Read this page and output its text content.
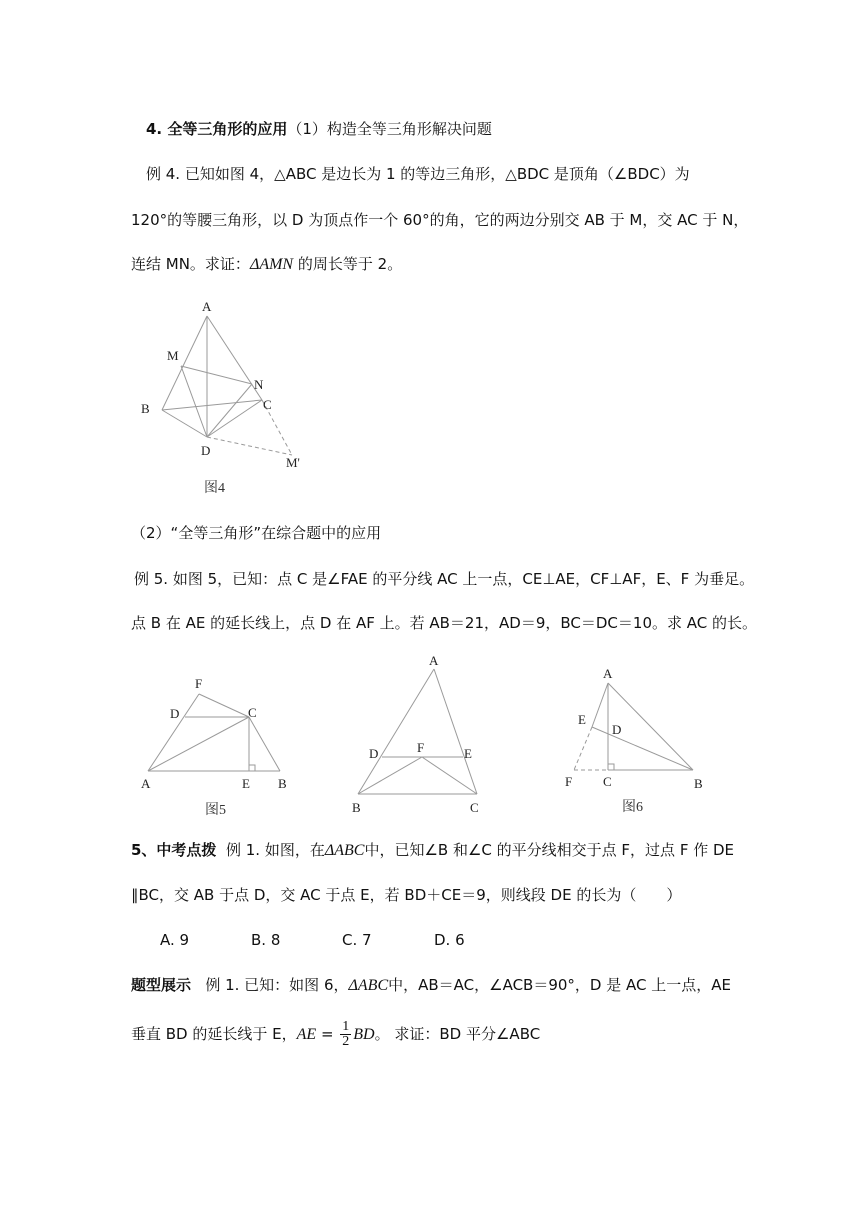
4. 全等三角形的应用（1）构造全等三角形解决问题
例 4. 已知如图 4，△ABC 是边长为 1 的等边三角形，△BDC 是顶角（∠BDC）为
120°的等腰三角形，以 D 为顶点作一个 60°的角，它的两边分别交 AB 于 M，交 AC 于 N，
连结 MN。求证：ΔAMN 的周长等于 2。
A
M
N
B	C
D
M'
图4
（2）“全等三角形”在综合题中的应用
例 5. 如图 5，已知：点 C 是∠FAE 的平分线 AC 上一点，CE⊥AE，CF⊥AF，E、F 为垂足。
点 B 在 AE 的延长线上，点 D 在 AF 上。若 AB＝21，AD＝9，BC＝DC＝10。求 AC 的长。
F
D	C
A	E B
图5
A
D	F	E
B	C
A
E
D
F C	B
图6
5、中考点拨 例 1. 如图，在ΔABC中，已知∠B 和∠C 的平分线相交于点 F，过点 F 作 DE
∥BC，交 AB 于点 D，交 AC 于点 E，若 BD＋CE＝9，则线段 DE 的长为（　　）
A. 9	B. 8	C. 7	D. 6
题型展示 例 1. 已知：如图 6，ΔABC中，AB＝AC，∠ACB＝90°，D 是 AC 上一点，AE
垂直 BD 的延长线于 E，AE = $\frac{1}{2}$ BD。 求证：BD 平分∠ABC
